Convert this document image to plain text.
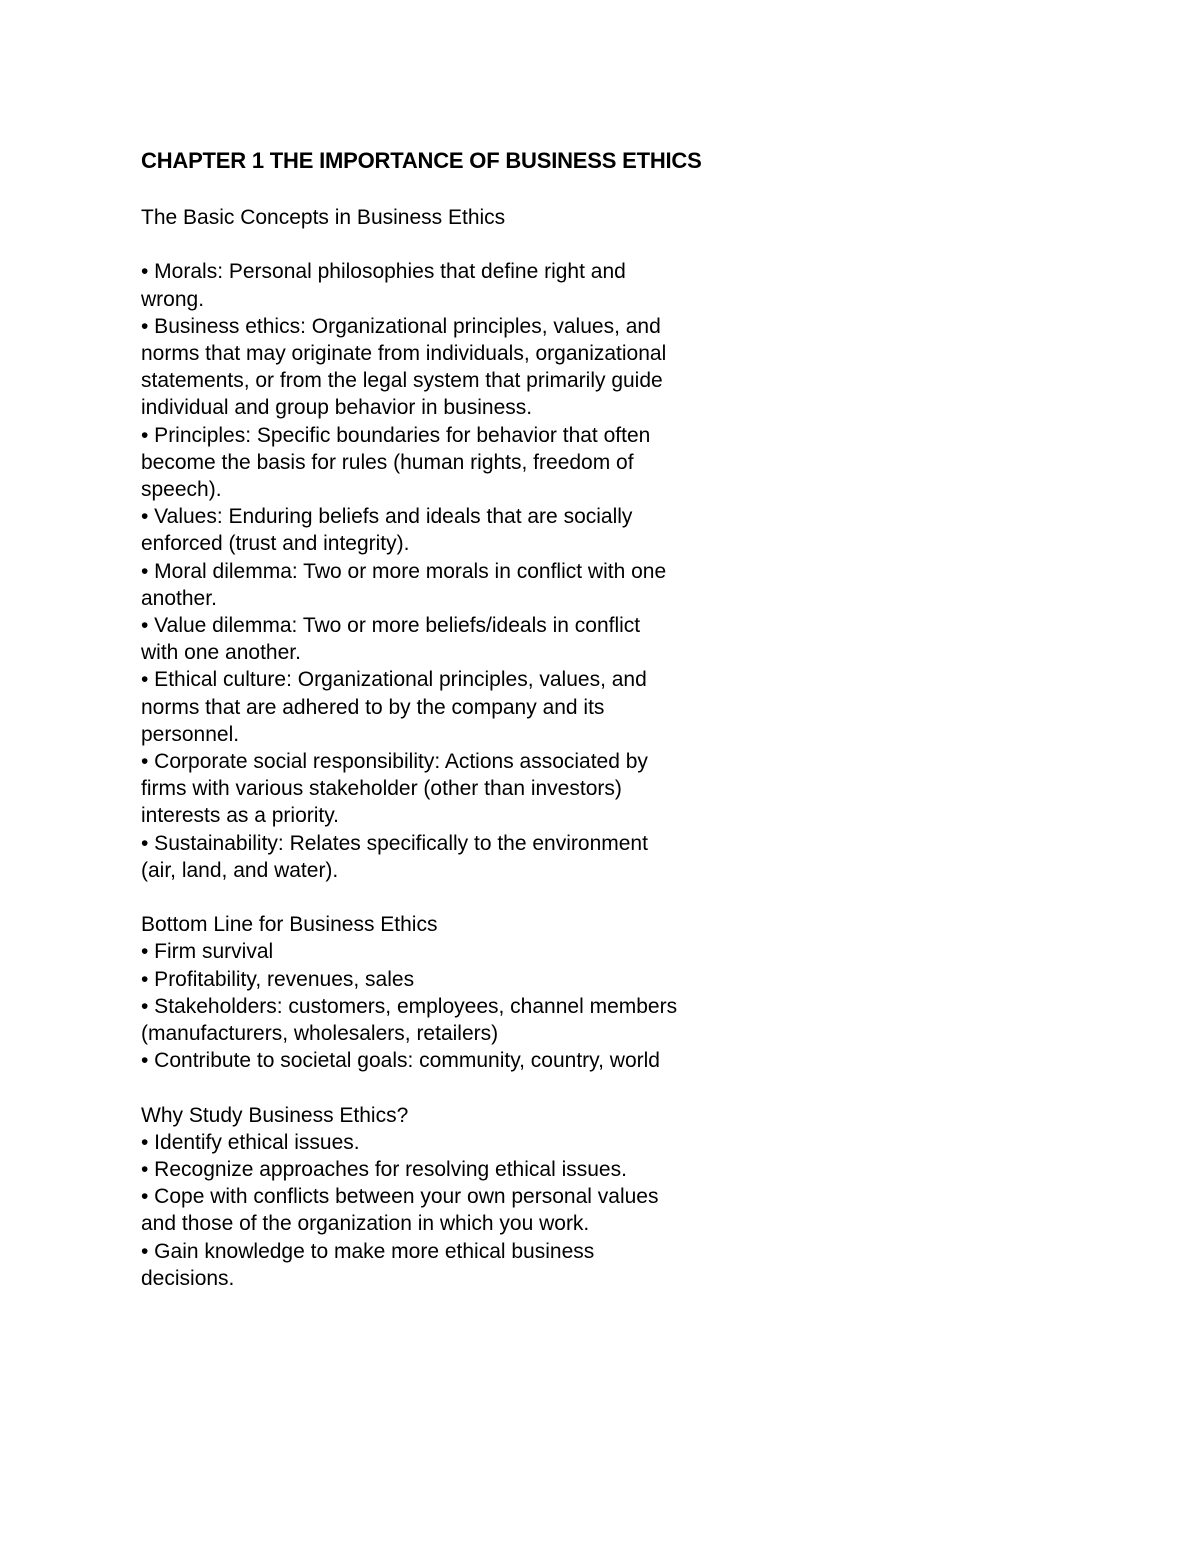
CHAPTER 1 THE IMPORTANCE OF BUSINESS ETHICS

The Basic Concepts in Business Ethics

• Morals: Personal philosophies that define right and wrong.
• Business ethics: Organizational principles, values, and norms that may originate from individuals, organizational statements, or from the legal system that primarily guide individual and group behavior in business.
• Principles: Specific boundaries for behavior that often become the basis for rules (human rights, freedom of speech).
• Values: Enduring beliefs and ideals that are socially enforced (trust and integrity).
• Moral dilemma: Two or more morals in conflict with one another.
• Value dilemma: Two or more beliefs/ideals in conflict with one another.
• Ethical culture: Organizational principles, values, and norms that are adhered to by the company and its personnel.
• Corporate social responsibility: Actions associated by firms with various stakeholder (other than investors) interests as a priority.
• Sustainability: Relates specifically to the environment (air, land, and water).

Bottom Line for Business Ethics

• Firm survival
• Profitability, revenues, sales
• Stakeholders: customers, employees, channel members (manufacturers, wholesalers, retailers)
• Contribute to societal goals: community, country, world

Why Study Business Ethics?

• Identify ethical issues.
• Recognize approaches for resolving ethical issues.
• Cope with conflicts between your own personal values and those of the organization in which you work.
• Gain knowledge to make more ethical business decisions.
